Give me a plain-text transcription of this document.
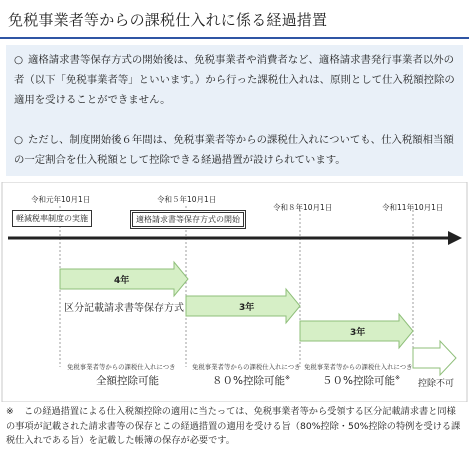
免税事業者等からの課税仕入れに係る経過措置
○ 適格請求書等保存方式の開始後は、免税事業者や消費者など、適格請求書発行事業者以外の者（以下「免税事業者等」といいます。）から行った課税仕入れは、原則として仕入税額控除の適用を受けることができません。
○ ただし、制度開始後６年間は、免税事業者等からの課税仕入れについても、仕入税額相当額の一定割合を仕入税額として控除できる経過措置が設けられています。
令和元年10月1日	令和５年10月1日
令和８年10月1日	令和11年10月1日
軽減税率制度の実施	適格請求書等保存方式の開始
4年
区分記載請求書等保存方式	3年
3年
免税事業者等からの課税仕入れにつき	免税事業者等からの課税仕入れにつき 免税事業者等からの課税仕入れにつき
全額控除可能	８０%控除可能※	５０%控除可能※
控除不可
※ この経過措置による仕入税額控除の適用に当たっては、免税事業者等から受領する区分記載請求書と同様の事項が記載された請求書等の保存とこの経過措置の適用を受ける旨（80%控除・50%控除の特例を受ける課税仕入れである旨）を記載した帳簿の保存が必要です。
